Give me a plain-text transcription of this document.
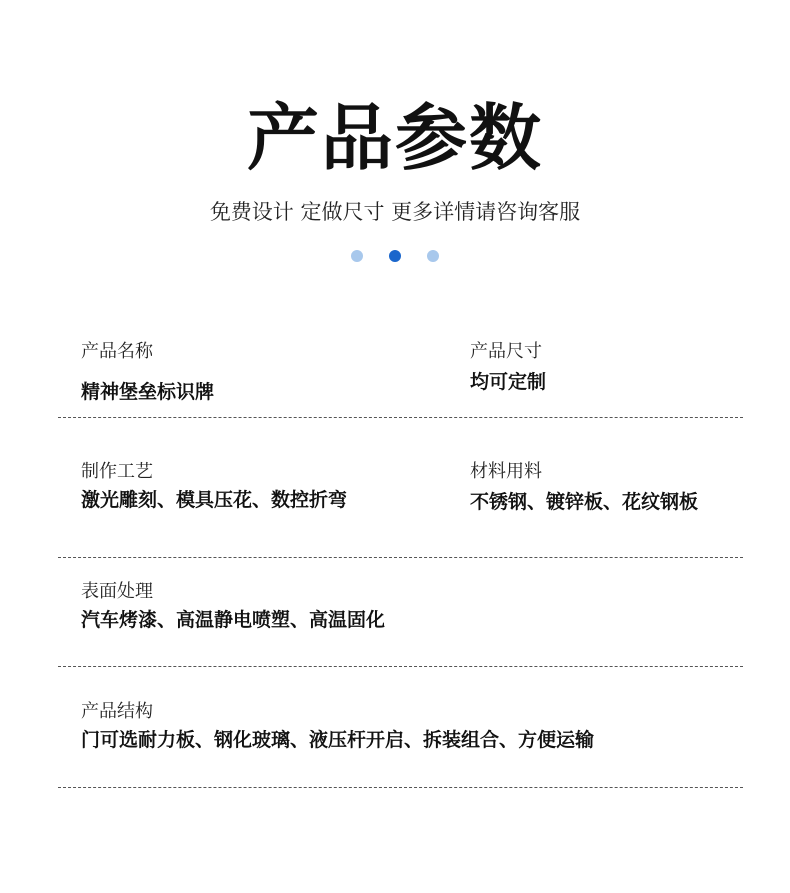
产品参数
免费设计 定做尺寸 更多详情请咨询客服
产品名称
精神堡垒标识牌
产品尺寸
均可定制
制作工艺
激光雕刻、模具压花、数控折弯
材料用料
不锈钢、镀锌板、花纹钢板
表面处理
汽车烤漆、高温静电喷塑、高温固化
产品结构
门可选耐力板、钢化玻璃、液压杆开启、拆装组合、方便运输
